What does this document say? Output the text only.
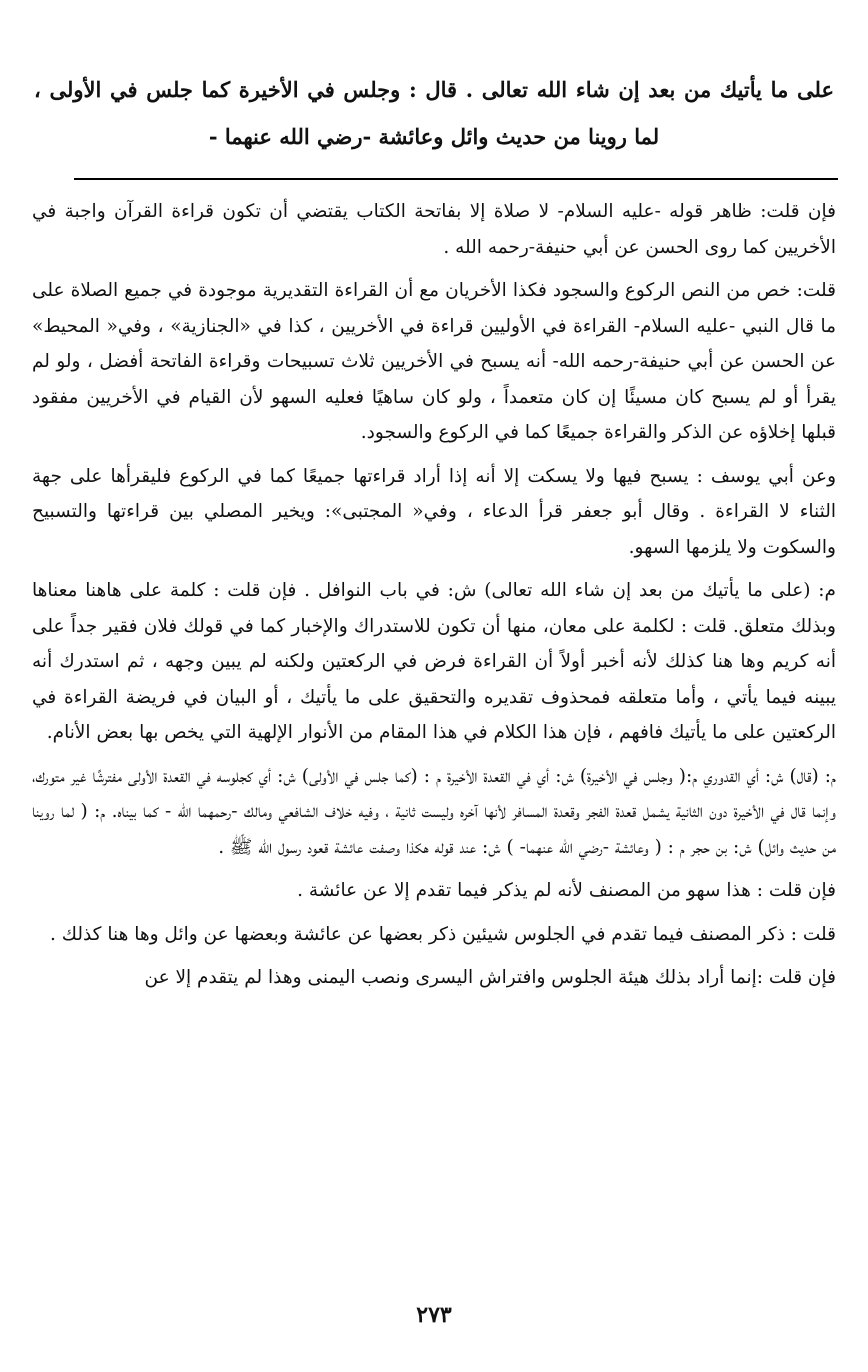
على ما يأتيك من بعد إن شاء الله تعالى . قال : وجلس في الأخيرة كما جلس في الأولى ، لما روينا من حديث وائل وعائشة -رضي الله عنهما -

فإن قلت: ظاهر قوله -عليه السلام- لا صلاة إلا بفاتحة الكتاب يقتضي أن تكون قراءة القرآن واجبة في الأخريين كما روى الحسن عن أبي حنيفة-رحمه الله .

قلت: خص من النص الركوع والسجود فكذا الأخريان مع أن القراءة التقديرية موجودة في جميع الصلاة على ما قال النبي -عليه السلام- القراءة في الأوليين قراءة في الأخريين ، كذا في «الجنازية» ، وفي« المحيط» عن الحسن عن أبي حنيفة-رحمه الله- أنه يسبح في الأخريين ثلاث تسبيحات وقراءة الفاتحة أفضل ، ولو لم يقرأ أو لم يسبح كان مسيئًا إن كان متعمداً ، ولو كان ساهيًا فعليه السهو لأن القيام في الأخريين مفقود قبلها إخلاؤه عن الذكر والقراءة جميعًا كما في الركوع والسجود.

وعن أبي يوسف : يسبح فيها ولا يسكت إلا أنه إذا أراد قراءتها جميعًا كما في الركوع فليقرأها على جهة الثناء لا القراءة . وقال أبو جعفر قرأ الدعاء ، وفي« المجتبى»: ويخير المصلي بين قراءتها والتسبيح والسكوت ولا يلزمها السهو.

م: (على ما يأتيك من بعد إن شاء الله تعالى) ش: في باب النوافل . فإن قلت : كلمة على هاهنا معناها وبذلك متعلق. قلت : لكلمة على معان، منها أن تكون للاستدراك والإخبار كما في قولك فلان فقير جداً على أنه كريم وها هنا كذلك لأنه أخبر أولاً أن القراءة فرض في الركعتين ولكنه لم يبين وجهه ، ثم استدرك أنه يبينه فيما يأتي ، وأما متعلقه فمحذوف تقديره والتحقيق على ما يأتيك ، أو البيان في فريضة القراءة في الركعتين على ما يأتيك فافهم ، فإن هذا الكلام في هذا المقام من الأنوار الإلهية التي يخص بها بعض الأنام.

م: (قال) ش: أي القدوري م:( وجلس في الأخيرة) ش: أي في القعدة الأخيرة م : (كما جلس في الأولى) ش: أي كجلوسه في القعدة الأولى مفترشًا غير متورك، وإنما قال في الأخيرة دون الثانية يشمل قعدة الفجر وقعدة المسافر لأنها آخره وليست ثانية ، وفيه خلاف الشافعي ومالك -رحمهما الله - كما بيناه. م: ( لما روينا من حديث وائل) ش: بن حجر م : ( وعائشة -رضي الله عنهما- ) ش: عند قوله هكذا وصفت عائشة قعود رسول الله ﷺ .

فإن قلت : هذا سهو من المصنف لأنه لم يذكر فيما تقدم إلا عن عائشة .

قلت : ذكر المصنف فيما تقدم في الجلوس شيئين ذكر بعضها عن عائشة وبعضها عن وائل وها هنا كذلك .

فإن قلت :إنما أراد بذلك هيئة الجلوس وافتراش اليسرى ونصب اليمنى وهذا لم يتقدم إلا عن

٢٧٣
